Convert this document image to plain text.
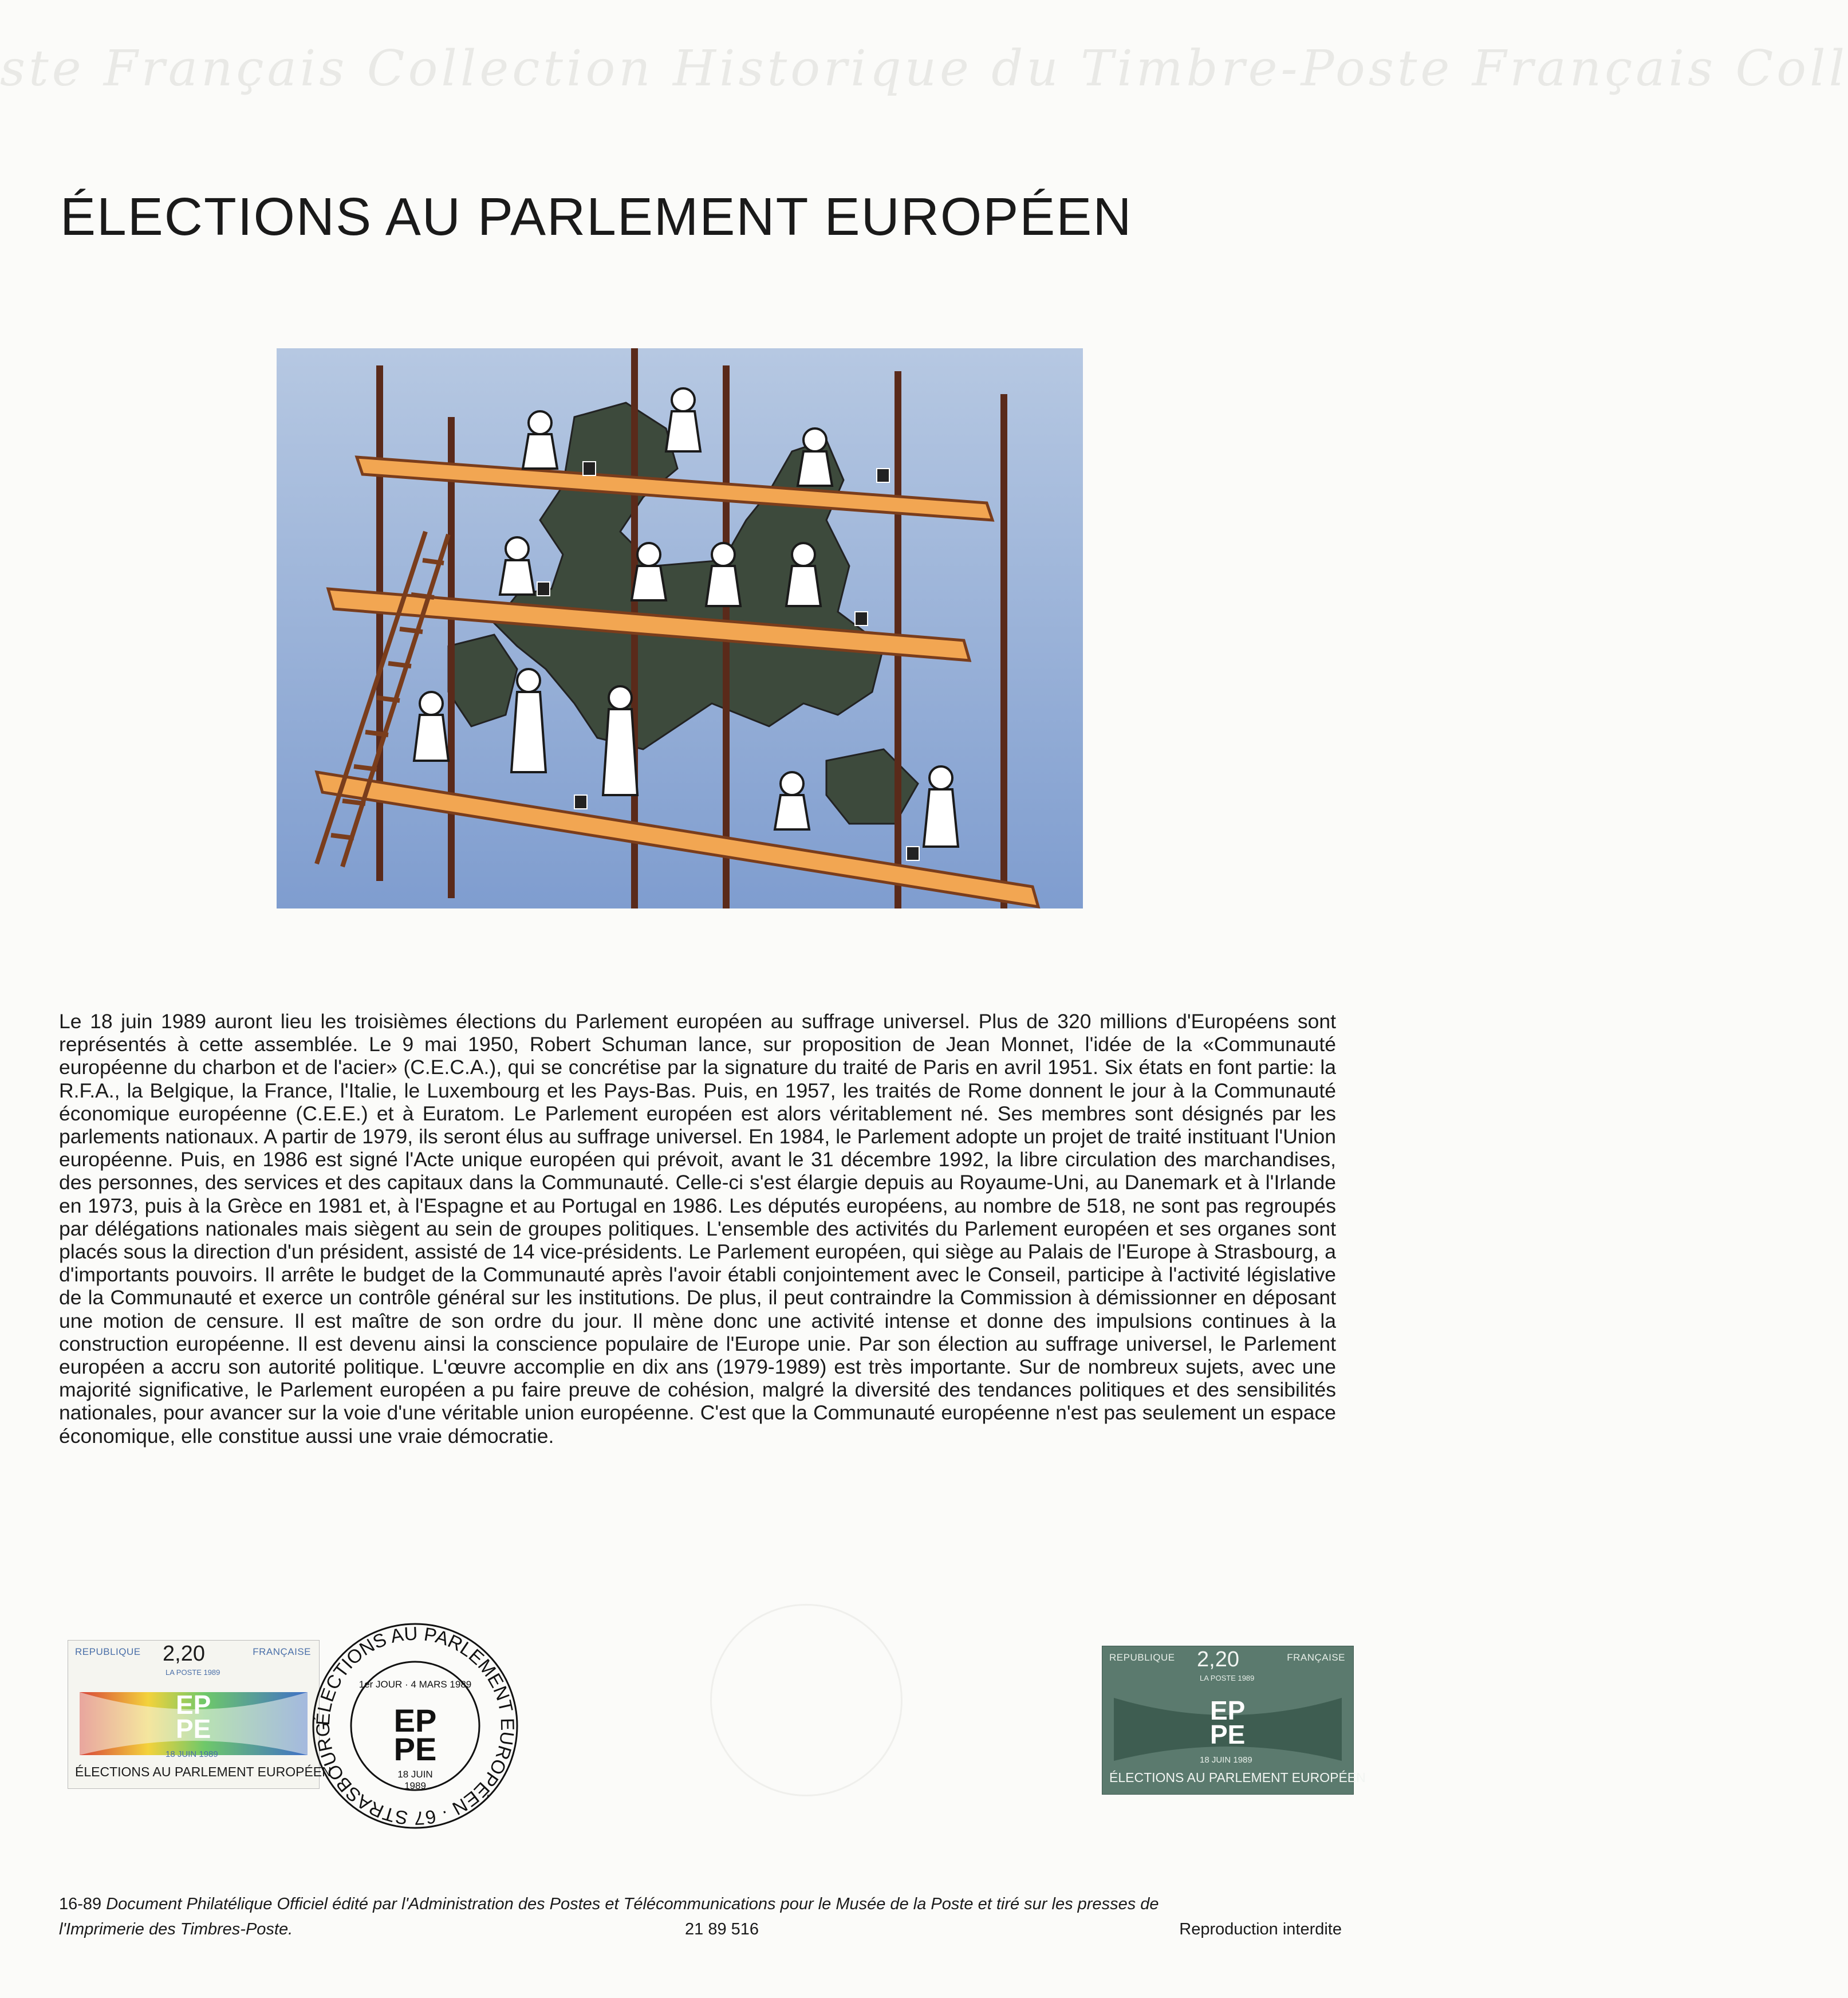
ste Français Collection Historique du Timbre-Poste Français Coll
ÉLECTIONS AU PARLEMENT EUROPÉEN

Le 18 juin 1989 auront lieu les troisièmes élections du Parlement européen au suffrage universel. Plus de 320 millions d'Européens sont représentés à cette assemblée. Le 9 mai 1950, Robert Schuman lance, sur proposition de Jean Monnet, l'idée de la «Communauté européenne du charbon et de l'acier» (C.E.C.A.), qui se concrétise par la signature du traité de Paris en avril 1951. Six états en font partie: la R.F.A., la Belgique, la France, l'Italie, le Luxembourg et les Pays-Bas. Puis, en 1957, les traités de Rome donnent le jour à la Communauté économique européenne (C.E.E.) et à Euratom. Le Parlement européen est alors véritablement né. Ses membres sont désignés par les parlements nationaux. A partir de 1979, ils seront élus au suffrage universel. En 1984, le Parlement adopte un projet de traité instituant l'Union européenne. Puis, en 1986 est signé l'Acte unique européen qui prévoit, avant le 31 décembre 1992, la libre circulation des marchandises, des personnes, des services et des capitaux dans la Communauté. Celle-ci s'est élargie depuis au Royaume-Uni, au Danemark et à l'Irlande en 1973, puis à la Grèce en 1981 et, à l'Espagne et au Portugal en 1986. Les députés européens, au nombre de 518, ne sont pas regroupés par délégations nationales mais siègent au sein de groupes politiques. L'ensemble des activités du Parlement européen et ses organes sont placés sous la direction d'un président, assisté de 14 vice-présidents. Le Parlement européen, qui siège au Palais de l'Europe à Strasbourg, a d'importants pouvoirs. Il arrête le budget de la Communauté après l'avoir établi conjointement avec le Conseil, participe à l'activité législative de la Communauté et exerce un contrôle général sur les institutions. De plus, il peut contraindre la Commission à démissionner en déposant une motion de censure. Il est maître de son ordre du jour. Il mène donc une activité intense et donne des impulsions continues à la construction européenne. Il est devenu ainsi la conscience populaire de l'Europe unie. Par son élection au suffrage universel, le Parlement européen a accru son autorité politique. L'œuvre accomplie en dix ans (1979-1989) est très importante. Sur de nombreux sujets, avec une majorité significative, le Parlement européen a pu faire preuve de cohésion, malgré la diversité des tendances politiques et des sensibilités nationales, pour avancer sur la voie d'une véritable union européenne. C'est que la Communauté européenne n'est pas seulement un espace économique, elle constitue aussi une vraie démocratie.

REPUBLIQUE 2,20	FRANÇAISE
LA POSTE 1989
EP
PE
18 JUIN 1989
ÉLECTIONS AU PARLEMENT EUROPÉEN
ÉLECTIONS AU PARLEMENT EUROPÉEN · 67 STRASBOURG
1er JOUR · 4 MARS 1989
EP
PE
18 JUIN
1989
REPUBLIQUE 2,20	FRANÇAISE
LA POSTE 1989
EP
PE
18 JUIN 1989
ÉLECTIONS AU PARLEMENT EUROPÉEN
16-89 Document Philatélique Officiel édité par l'Administration des Postes et Télécommunications pour le Musée de la Poste et tiré sur les presses de
l'Imprimerie des Timbres-Poste.	21 89 516	Reproduction interdite
